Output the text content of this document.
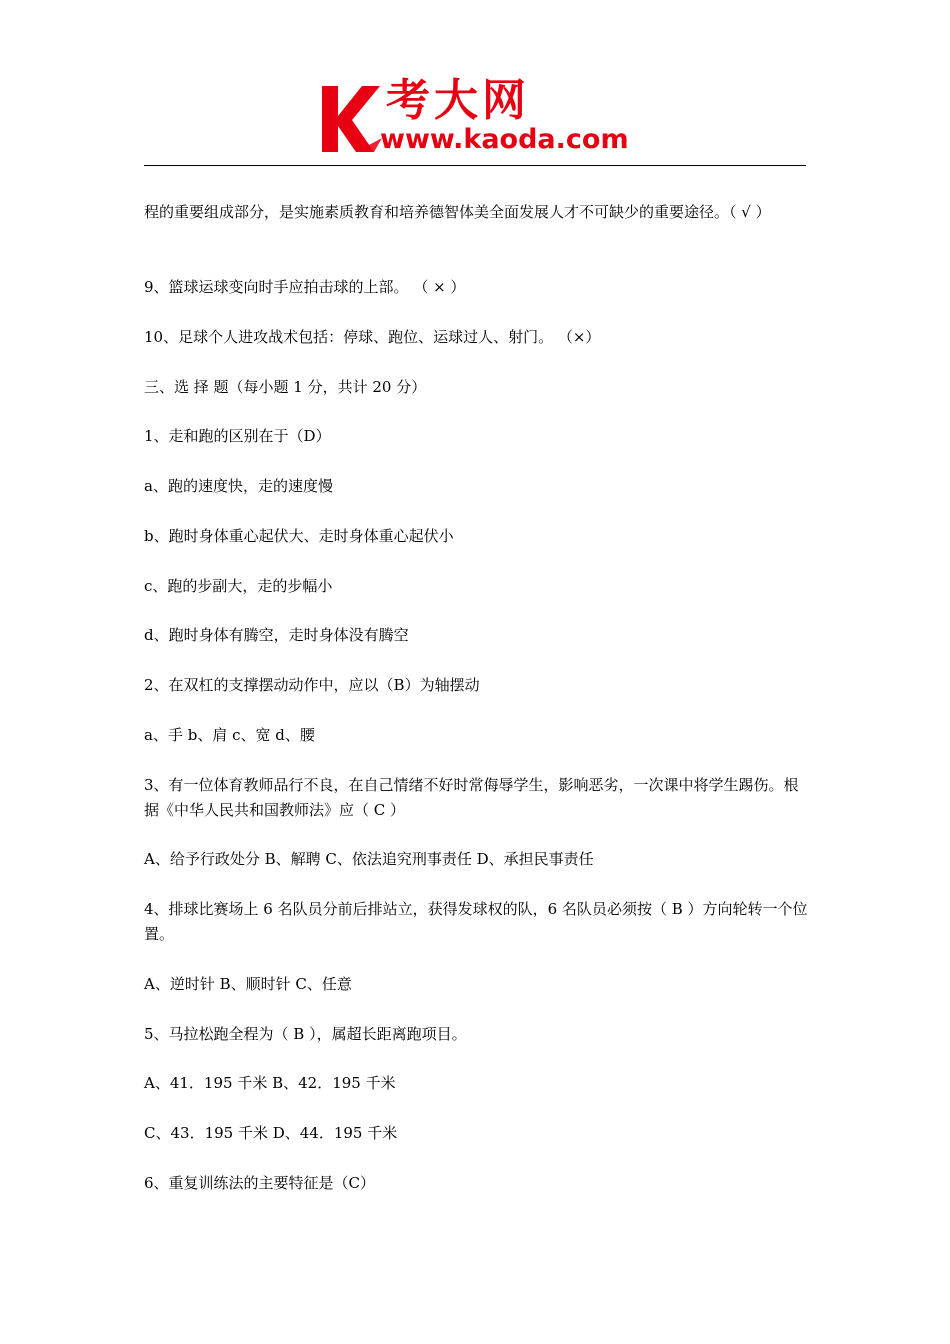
考大网
www.kaoda.com
程的重要组成部分，是实施素质教育和培养德智体美全面发展人才不可缺少的重要途径。（ √ ）
9、篮球运球变向时手应拍击球的上部。 （ × ）
10、足球个人进攻战术包括：停球、跑位、运球过人、射门。 （×）
三、选 择 题（每小题 1 分，共计 20 分）
1、走和跑的区别在于（D）
a、跑的速度快，走的速度慢
b、跑时身体重心起伏大、走时身体重心起伏小
c、跑的步副大，走的步幅小
d、跑时身体有腾空，走时身体没有腾空
2、在双杠的支撑摆动动作中，应以（B）为轴摆动
a、手 b、肩 c、宽 d、腰
3、有一位体育教师品行不良，在自己情绪不好时常侮辱学生，影响恶劣，一次课中将学生踢伤。根据《中华人民共和国教师法》应（ C ）
A、给予行政处分 B、解聘 C、依法追究刑事责任 D、承担民事责任
4、排球比赛场上 6 名队员分前后排站立，获得发球权的队，6 名队员必须按（ B ）方向轮转一个位置。
A、逆时针 B、顺时针 C、任意
5、马拉松跑全程为（ B ），属超长距离跑项目。
A、41．195 千米 B、42．195 千米
C、43．195 千米 D、44．195 千米
6、重复训练法的主要特征是（C）
